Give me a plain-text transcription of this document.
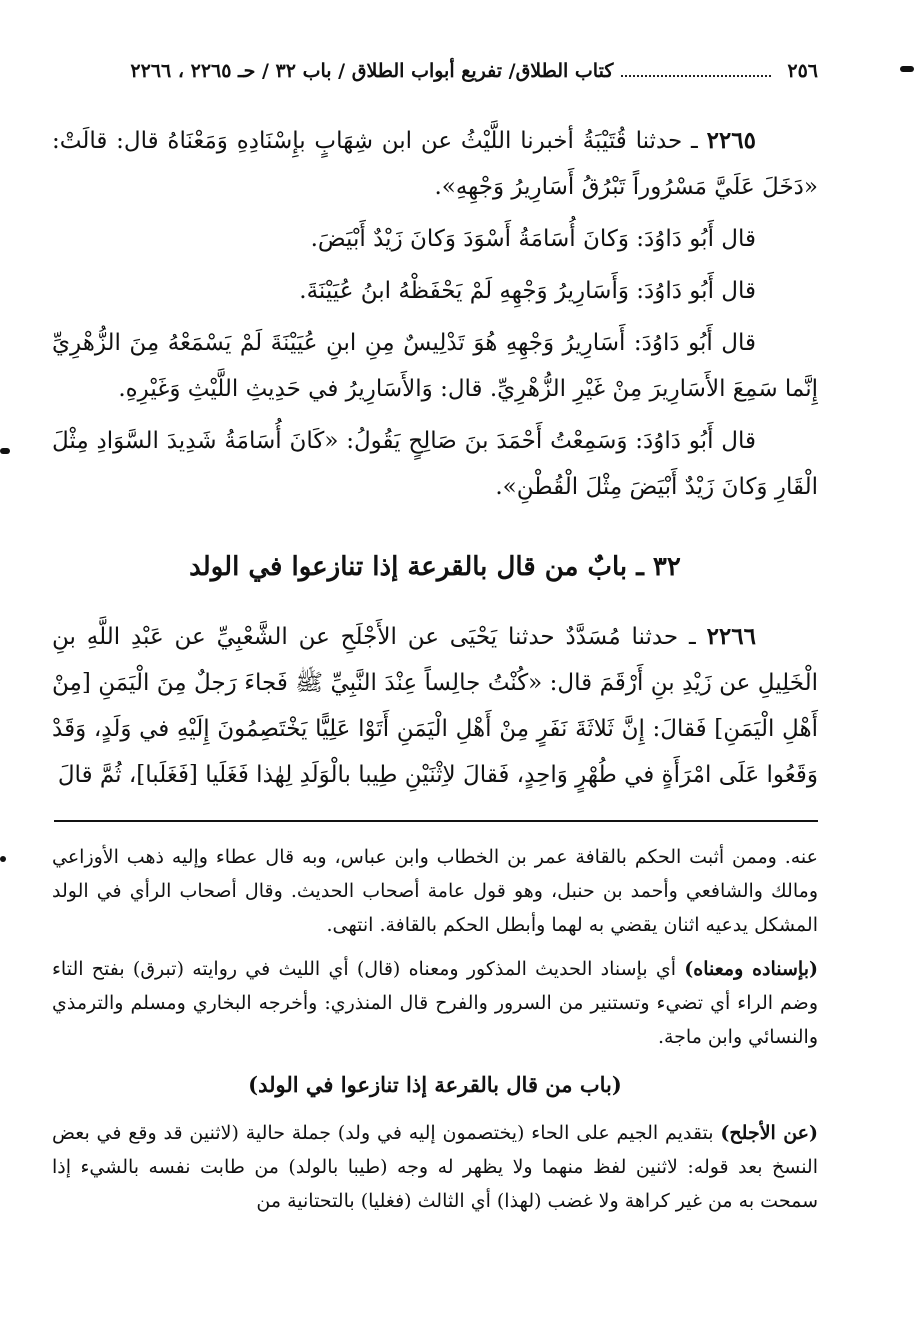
٢٥٦
كتاب الطلاق/ تفريع أبواب الطلاق / باب ٣٢ / حـ ٢٢٦٥ ، ٢٢٦٦

٢٢٦٥ ـ حدثنا قُتَيْبَةُ أخبرنا اللَّيْثُ عن ابن شِهَابٍ بإِسْنَادِهِ وَمَعْنَاهُ قال: قالَتْ: «دَخَلَ عَلَيَّ مَسْرُوراً تَبْرُقُ أَسَارِيرُ وَجْهِهِ».

قال أَبُو دَاوُدَ: وَكانَ أُسَامَةُ أَسْوَدَ وَكانَ زَيْدٌ أَبْيَضَ.

قال أَبُو دَاوُدَ: وَأَسَارِيرُ وَجْهِهِ لَمْ يَحْفَظْهُ ابنُ عُيَيْنَةَ.

قال أَبُو دَاوُدَ: أَسَارِيرُ وَجْهِهِ هُوَ تَدْلِيسٌ مِنِ ابنِ عُيَيْنَةَ لَمْ يَسْمَعْهُ مِنَ الزُّهْرِيِّ إِنَّما سَمِعَ الأَسَارِيرَ مِنْ غَيْرِ الزُّهْرِيِّ. قال: وَالأَسَارِيرُ في حَدِيثِ اللَّيْثِ وَغَيْرِهِ.

قال أَبُو دَاوُدَ: وَسَمِعْتُ أَحْمَدَ بنَ صَالِحٍ يَقُولُ: «كَانَ أُسَامَةُ شَدِيدَ السَّوَادِ مِثْلَ الْقَارِ وَكانَ زَيْدٌ أَبْيَضَ مِثْلَ الْقُطْنِ».

٣٢ ـ بابٌ من قال بالقرعة إذا تنازعوا في الولد

٢٢٦٦ ـ حدثنا مُسَدَّدٌ حدثنا يَحْيَى عن الأَجْلَحِ عن الشَّعْبِيِّ عن عَبْدِ اللَّهِ بنِ الْخَلِيلِ عن زَيْدِ بنِ أَرْقَمَ قال: «كُنْتُ جالِساً عِنْدَ النَّبِيِّ ﷺ فَجاءَ رَجلٌ مِنَ الْيَمَنِ [مِنْ أَهْلِ الْيَمَنِ] فَقالَ: إِنَّ ثَلاثَةَ نَفَرٍ مِنْ أَهْلِ الْيَمَنِ أَتَوْا عَلِيًّا يَخْتَصِمُونَ إِلَيْهِ في وَلَدٍ، وَقَدْ وَقَعُوا عَلَى امْرَأَةٍ في طُهْرٍ وَاحِدٍ، فَقالَ لاِثْنَيْنِ طِيبا بالْوَلَدِ لِهٰذا فَغَلَيا [فَغَلَبا]، ثُمَّ قالَ

عنه. وممن أثبت الحكم بالقافة عمر بن الخطاب وابن عباس، وبه قال عطاء وإليه ذهب الأوزاعي ومالك والشافعي وأحمد بن حنبل، وهو قول عامة أصحاب الحديث. وقال أصحاب الرأي في الولد المشكل يدعيه اثنان يقضي به لهما وأبطل الحكم بالقافة. انتهى.

(بإسناده ومعناه) أي بإسناد الحديث المذكور ومعناه (قال) أي الليث في روايته (تبرق) بفتح التاء وضم الراء أي تضيء وتستنير من السرور والفرح قال المنذري: وأخرجه البخاري ومسلم والترمذي والنسائي وابن ماجة.

(باب من قال بالقرعة إذا تنازعوا في الولد)

(عن الأجلح) بتقديم الجيم على الحاء (يختصمون إليه في ولد) جملة حالية (لاثنين قد وقع في بعض النسخ بعد قوله: لاثنين لفظ منهما ولا يظهر له وجه (طيبا بالولد) من طابت نفسه بالشيء إذا سمحت به من غير كراهة ولا غضب (لهذا) أي الثالث (فغليا) بالتحتانية من
